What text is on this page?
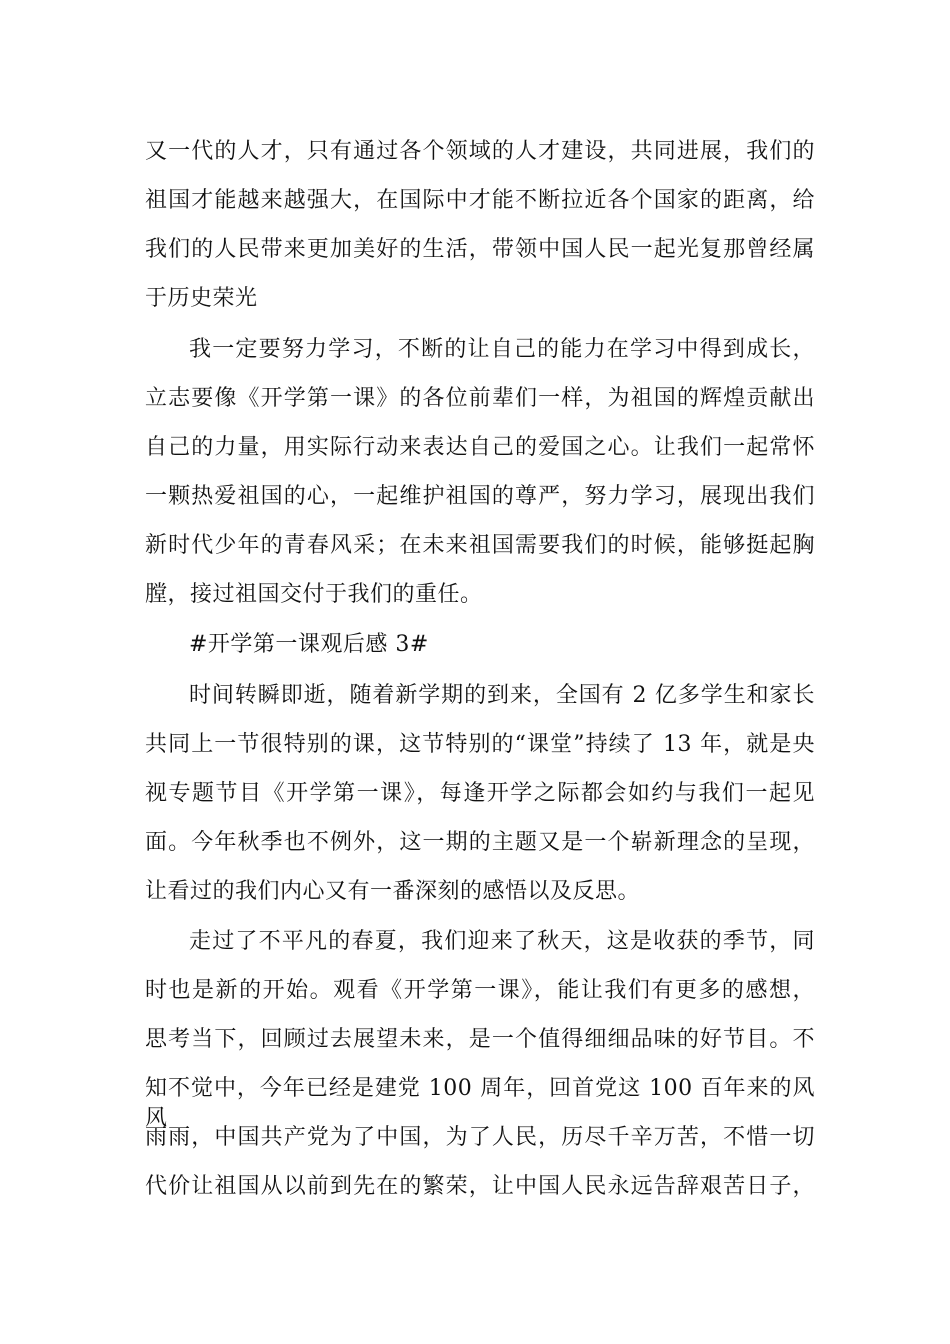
又一代的人才，只有通过各个领域的人才建设，共同进展，我们的
祖国才能越来越强大，在国际中才能不断拉近各个国家的距离，给
我们的人民带来更加美好的生活，带领中国人民一起光复那曾经属
于历史荣光
我一定要努力学习，不断的让自己的能力在学习中得到成长，
立志要像《开学第一课》的各位前辈们一样，为祖国的辉煌贡献出
自己的力量，用实际行动来表达自己的爱国之心。让我们一起常怀
一颗热爱祖国的心，一起维护祖国的尊严，努力学习，展现出我们
新时代少年的青春风采；在未来祖国需要我们的时候，能够挺起胸
膛，接过祖国交付于我们的重任。
#开学第一课观后感 3#
时间转瞬即逝，随着新学期的到来，全国有 2 亿多学生和家长
共同上一节很特别的课，这节特别的“课堂”持续了 13 年，就是央
视专题节目《开学第一课》，每逢开学之际都会如约与我们一起见
面。今年秋季也不例外，这一期的主题又是一个崭新理念的呈现，
让看过的我们内心又有一番深刻的感悟以及反思。
走过了不平凡的春夏，我们迎来了秋天，这是收获的季节，同
时也是新的开始。观看《开学第一课》，能让我们有更多的感想，
思考当下，回顾过去展望未来，是一个值得细细品味的好节目。不
知不觉中，今年已经是建党 100 周年，回首党这 100 百年来的风风
雨雨，中国共产党为了中国，为了人民，历尽千辛万苦，不惜一切
代价让祖国从以前到先在的繁荣，让中国人民永远告辞艰苦日子，
